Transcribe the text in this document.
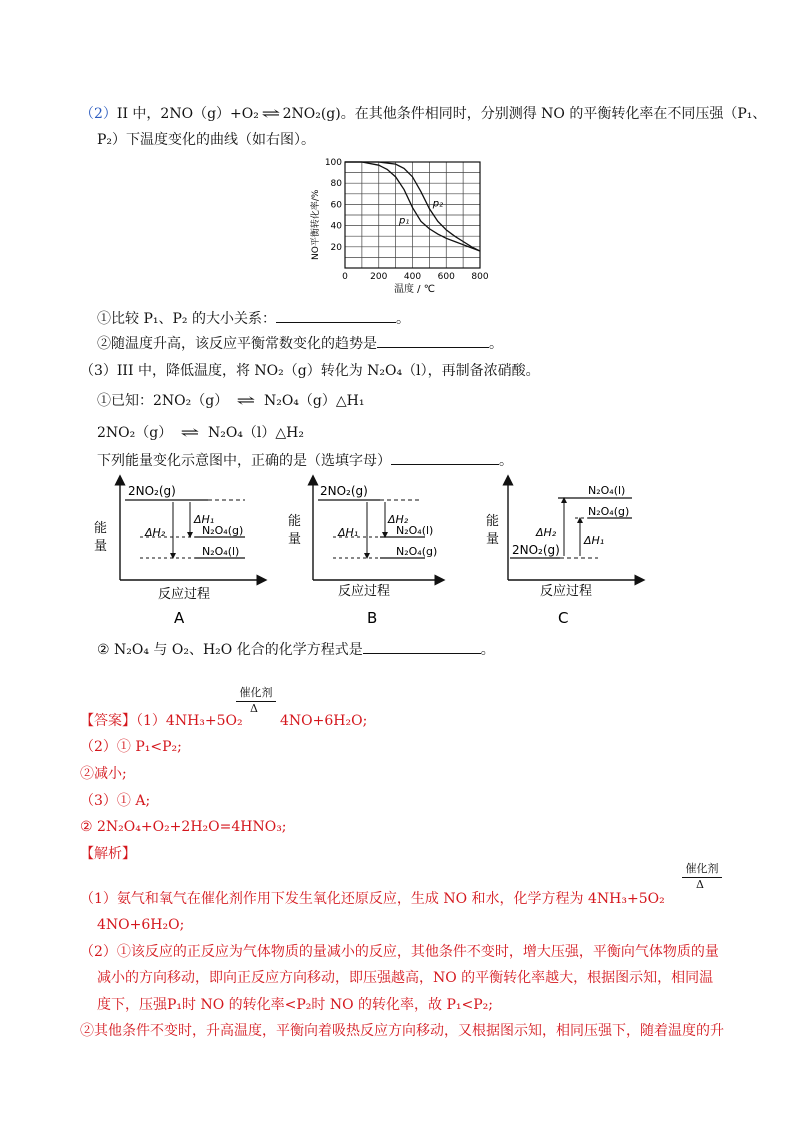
（2）II 中，2NO（g）+O₂ ⇌ 2NO₂(g)。在其他条件相同时，分别测得 NO 的平衡转化率在不同压强（P₁、
P₂）下温度变化的曲线（如右图）。
0 200 400 600 800
20
40
60
80
100
p₁
p₂
NO平衡转化率/%
温度 / ℃
①比较 P₁、P₂ 的大小关系：	。
②随温度升高，该反应平衡常数变化的趋势是	。
（3）III 中，降低温度，将 NO₂（g）转化为 N₂O₄（l），再制备浓硝酸。
①已知：2NO₂（g） ⇌ N₂O₄（g）△H₁
2NO₂（g） ⇌ N₂O₄（l）△H₂
下列能量变化示意图中，正确的是（选填字母）	。
2NO₂(g)
N₂O₄(g)
N₂O₄(l)
ΔH₁
ΔH₂
能
量
反应过程
A
2NO₂(g)
N₂O₄(l)
N₂O₄(g)
ΔH₂
ΔH₁
能
量
反应过程
B
N₂O₄(l)
N₂O₄(g)
2NO₂(g)
ΔH₁
ΔH₂
能
量
反应过程
C
② N₂O₄ 与 O₂、H₂O 化合的化学方程式是	。
催化剂
Δ
【答案】（1）4NH₃+5O₂	4NO+6H₂O;
（2）① P₁<P₂;
②减小;
（3）① A;
② 2N₂O₄+O₂+2H₂O=4HNO₃;
【解析】
催化剂
Δ
（1）氨气和氧气在催化剂作用下发生氧化还原反应，生成 NO 和水，化学方程为 4NH₃+5O₂
4NO+6H₂O;
（2）①该反应的正反应为气体物质的量减小的反应，其他条件不变时，增大压强，平衡向气体物质的量
减小的方向移动，即向正反应方向移动，即压强越高，NO 的平衡转化率越大，根据图示知，相同温
度下，压强P₁时 NO 的转化率<P₂时 NO 的转化率，故 P₁<P₂;
②其他条件不变时，升高温度，平衡向着吸热反应方向移动，又根据图示知，相同压强下，随着温度的升
